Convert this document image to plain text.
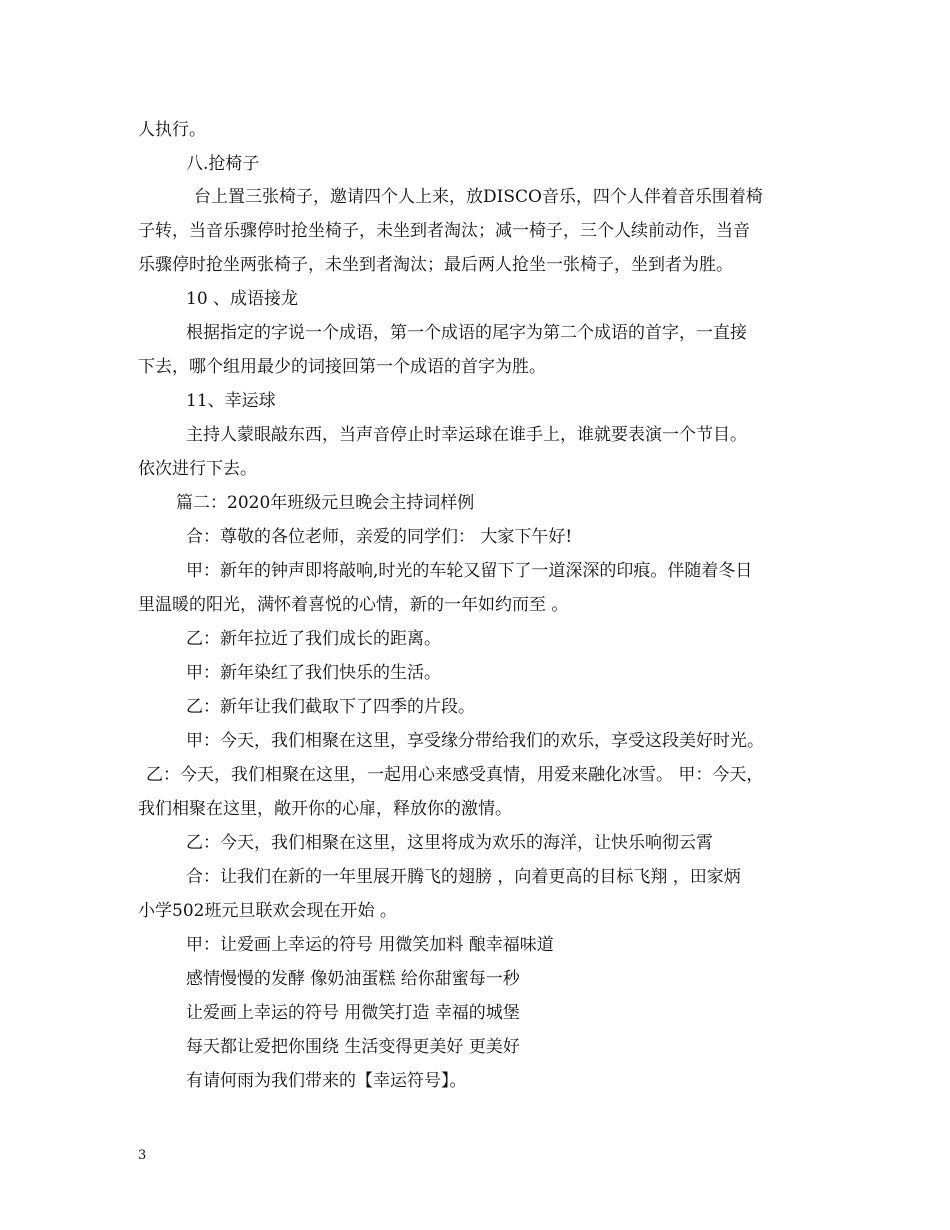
人执行。
八.抢椅子
台上置三张椅子，邀请四个人上来，放DISCO音乐，四个人伴着音乐围着椅
子转，当音乐骤停时抢坐椅子，未坐到者淘汰；减一椅子，三个人续前动作，当音
乐骤停时抢坐两张椅子，未坐到者淘汰；最后两人抢坐一张椅子，坐到者为胜。
10 、成语接龙
根据指定的字说一个成语，第一个成语的尾字为第二个成语的首字，一直接
下去，哪个组用最少的词接回第一个成语的首字为胜。
11、幸运球
主持人蒙眼敲东西，当声音停止时幸运球在谁手上，谁就要表演一个节目。
依次进行下去。
篇二：2020年班级元旦晚会主持词样例
合：尊敬的各位老师，亲爱的同学们： 大家下午好!
甲：新年的钟声即将敲响,时光的车轮又留下了一道深深的印痕。伴随着冬日
里温暖的阳光，满怀着喜悦的心情，新的一年如约而至 。
乙：新年拉近了我们成长的距离。
甲：新年染红了我们快乐的生活。
乙：新年让我们截取下了四季的片段。
甲：今天，我们相聚在这里，享受缘分带给我们的欢乐，享受这段美好时光。
乙：今天，我们相聚在这里，一起用心来感受真情，用爱来融化冰雪。 甲：今天，
我们相聚在这里，敞开你的心扉，释放你的激情。
乙：今天，我们相聚在这里，这里将成为欢乐的海洋，让快乐响彻云霄
合：让我们在新的一年里展开腾飞的翅膀 ，向着更高的目标飞翔 ，田家炳
小学502班元旦联欢会现在开始 。
甲：让爱画上幸运的符号 用微笑加料 酿幸福味道
感情慢慢的发酵 像奶油蛋糕 给你甜蜜每一秒
让爱画上幸运的符号 用微笑打造 幸福的城堡
每天都让爱把你围绕 生活变得更美好 更美好
有请何雨为我们带来的【幸运符号】。
3
